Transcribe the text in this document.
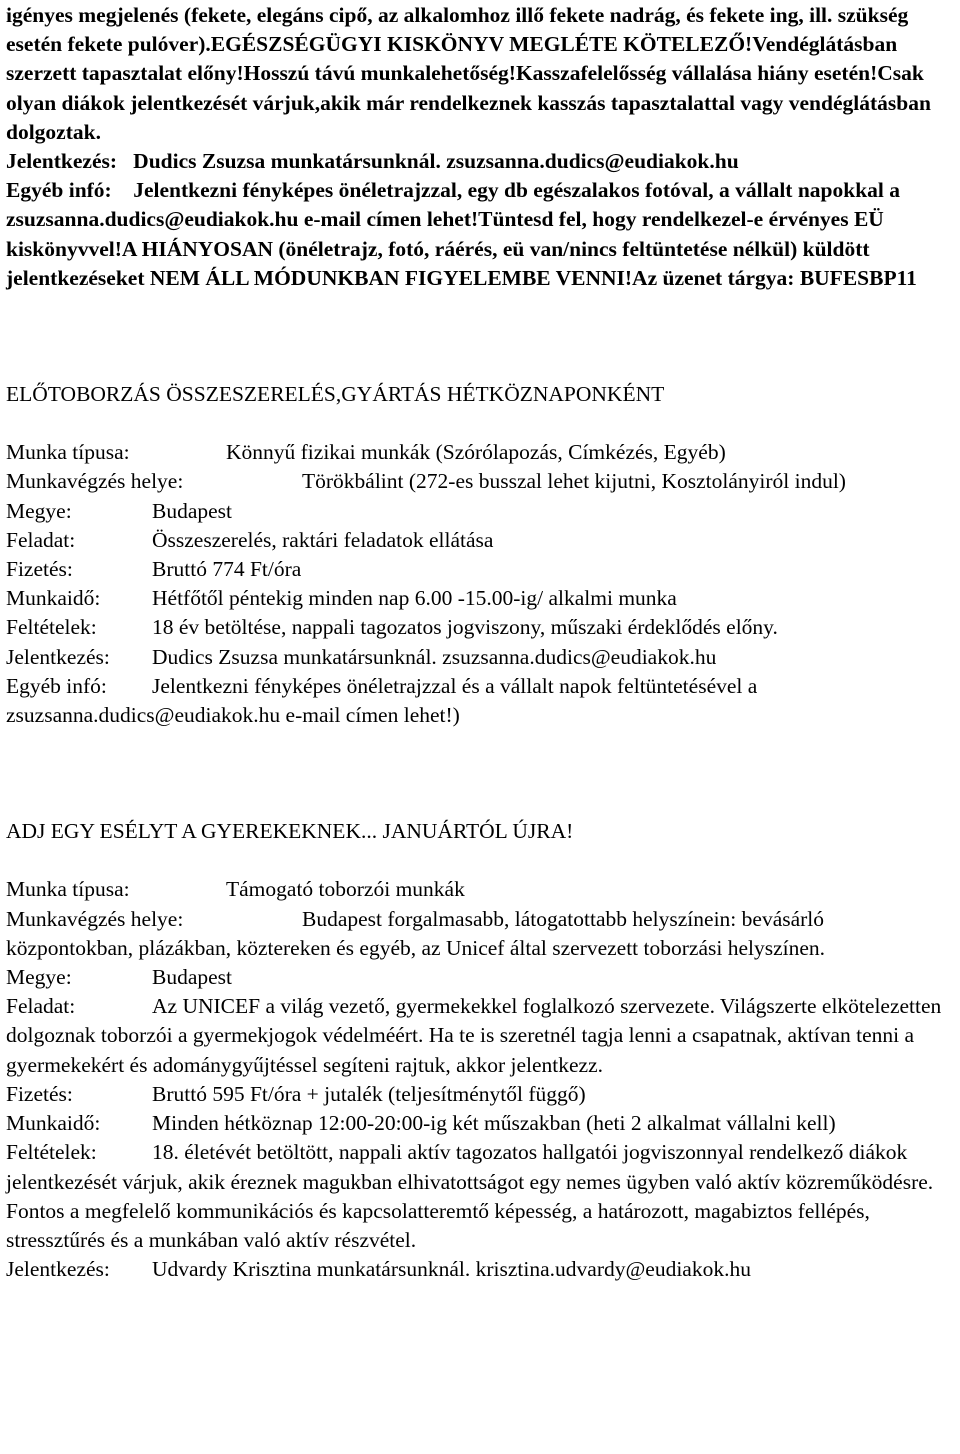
igényes megjelenés (fekete, elegáns cipő, az alkalomhoz illő fekete nadrág, és fekete ing, ill. szükség esetén fekete pulóver).EGÉSZSÉGÜGYI KISKÖNYV MEGLÉTE KÖTELEZŐ!Vendéglátásban szerzett tapasztalat előny!Hosszú távú munkalehetőség!Kasszafelelősség vállalása hiány esetén!Csak olyan diákok jelentkezését várjuk,akik már rendelkeznek kasszás tapasztalattal vagy vendéglátásban dolgoztak.

Jelentkezés: Dudics Zsuzsa munkatársunknál. zsuzsanna.dudics@eudiakok.hu

Egyéb infó: Jelentkezni fényképes önéletrajzzal, egy db egészalakos fotóval, a vállalt napokkal a zsuzsanna.dudics@eudiakok.hu e-mail címen lehet!Tüntesd fel, hogy rendelkezel-e érvényes EÜ kiskönyvvel!A HIÁNYOSAN (önéletrajz, fotó, ráérés, eü van/nincs feltüntetése nélkül) küldött jelentkezéseket NEM ÁLL MÓDUNKBAN FIGYELEMBE VENNI!Az üzenet tárgya: BUFESBP11

ELŐTOBORZÁS ÖSSZESZERELÉS,GYÁRTÁS HÉTKÖZNAPONKÉNT

Munka típusa:	Könnyű fizikai munkák (Szórólapozás, Címkézés, Egyéb)

Munkavégzés helye:	Törökbálint (272-es busszal lehet kijutni, Kosztolányiról indul)

Megye:	Budapest

Feladat:	Összeszerelés, raktári feladatok ellátása

Fizetés:	Bruttó 774 Ft/óra

Munkaidő: Hétfőtől péntekig minden nap 6.00 -15.00-ig/ alkalmi munka

Feltételek:	18 év betöltése, nappali tagozatos jogviszony, műszaki érdeklődés előny.

Jelentkezés: Dudics Zsuzsa munkatársunknál. zsuzsanna.dudics@eudiakok.hu

Egyéb infó: Jelentkezni fényképes önéletrajzzal és a vállalt napok feltüntetésével a zsuzsanna.dudics@eudiakok.hu e-mail címen lehet!)

ADJ EGY ESÉLYT A GYEREKEKNEK... JANUÁRTÓL ÚJRA!

Munka típusa:	Támogató toborzói munkák

Munkavégzés helye:	Budapest forgalmasabb, látogatottabb helyszínein: bevásárló központokban, plázákban, köztereken és egyéb, az Unicef által szervezett toborzási helyszínen.

Megye:	Budapest

Feladat:	Az UNICEF a világ vezető, gyermekekkel foglalkozó szervezete. Világszerte elkötelezetten dolgoznak toborzói a gyermekjogok védelméért. Ha te is szeretnél tagja lenni a csapatnak, aktívan tenni a gyermekekért és adománygyűjtéssel segíteni rajtuk, akkor jelentkezz.

Fizetés:	Bruttó 595 Ft/óra + jutalék (teljesítménytől függő)

Munkaidő: Minden hétköznap 12:00-20:00-ig két műszakban (heti 2 alkalmat vállalni kell)

Feltételek:	18. életévét betöltött, nappali aktív tagozatos hallgatói jogviszonnyal rendelkező diákok jelentkezését várjuk, akik éreznek magukban elhivatottságot egy nemes ügyben való aktív közreműködésre. Fontos a megfelelő kommunikációs és kapcsolatteremtő képesség, a határozott, magabiztos fellépés, stressztűrés és a munkában való aktív részvétel.

Jelentkezés: Udvardy Krisztina munkatársunknál. krisztina.udvardy@eudiakok.hu
